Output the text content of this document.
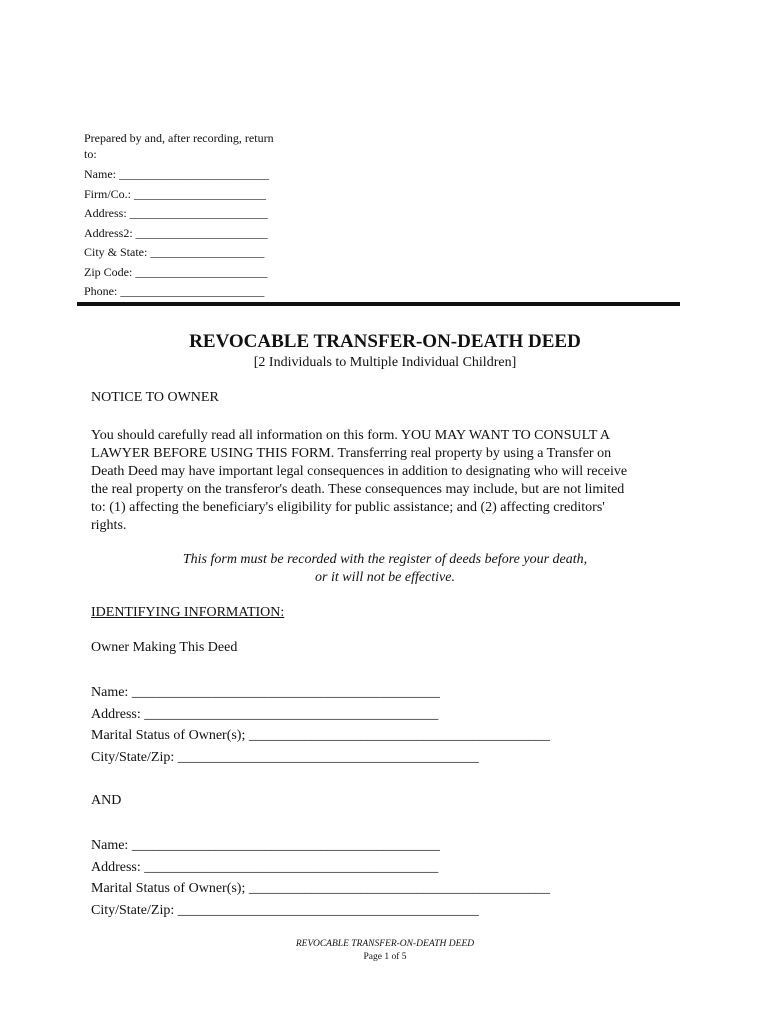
Prepared by and, after recording, return
to:
Name: _________________________
Firm/Co.: ______________________
Address: _______________________
Address2: ______________________
City & State: ___________________
Zip Code: ______________________
Phone: ________________________
REVOCABLE TRANSFER-ON-DEATH DEED
[2 Individuals to Multiple Individual Children]
NOTICE TO OWNER
You should carefully read all information on this form. YOU MAY WANT TO CONSULT A
LAWYER BEFORE USING THIS FORM. Transferring real property by using a Transfer on
Death Deed may have important legal consequences in addition to designating who will receive
the real property on the transferor's death. These consequences may include, but are not limited
to: (1) affecting the beneficiary's eligibility for public assistance; and (2) affecting creditors'
rights.
This form must be recorded with the register of deeds before your death,
or it will not be effective.
IDENTIFYING INFORMATION:
Owner Making This Deed
Name: ____________________________________________
Address: __________________________________________
Marital Status of Owner(s); ___________________________________________
City/State/Zip: ___________________________________________
AND
Name: ____________________________________________
Address: __________________________________________
Marital Status of Owner(s); ___________________________________________
City/State/Zip: ___________________________________________
REVOCABLE TRANSFER-ON-DEATH DEED
Page 1 of 5
